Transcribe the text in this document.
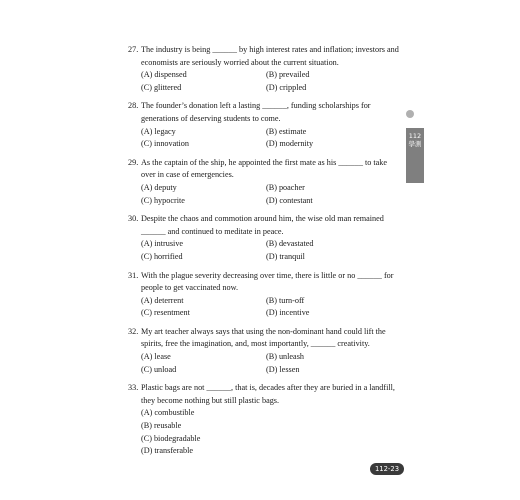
27. The industry is being ______ by high interest rates and inflation; investors and economists are seriously worried about the current situation.
(A) dispensed	(B) prevailed
(C) glittered	(D) crippled
28. The founder’s donation left a lasting ______, funding scholarships for generations of deserving students to come.
(A) legacy	(B) estimate
(C) innovation	(D) modernity
29. As the captain of the ship, he appointed the first mate as his ______ to take over in case of emergencies.
(A) deputy	(B) poacher
(C) hypocrite	(D) contestant
30. Despite the chaos and commotion around him, the wise old man remained ______ and continued to meditate in peace.
(A) intrusive	(B) devastated
(C) horrified	(D) tranquil
31. With the plague severity decreasing over time, there is little or no ______ for people to get vaccinated now.
(A) deterrent	(B) turn-off
(C) resentment	(D) incentive
32. My art teacher always says that using the non-dominant hand could lift the spirits, free the imagination, and, most importantly, ______ creativity.
(A) lease	(B) unleash
(C) unload	(D) lessen
33. Plastic bags are not ______, that is, decades after they are buried in a landfill, they become nothing but still plastic bags.
(A) combustible
(B) reusable
(C) biodegradable
(D) transferable
112學測
112-23
